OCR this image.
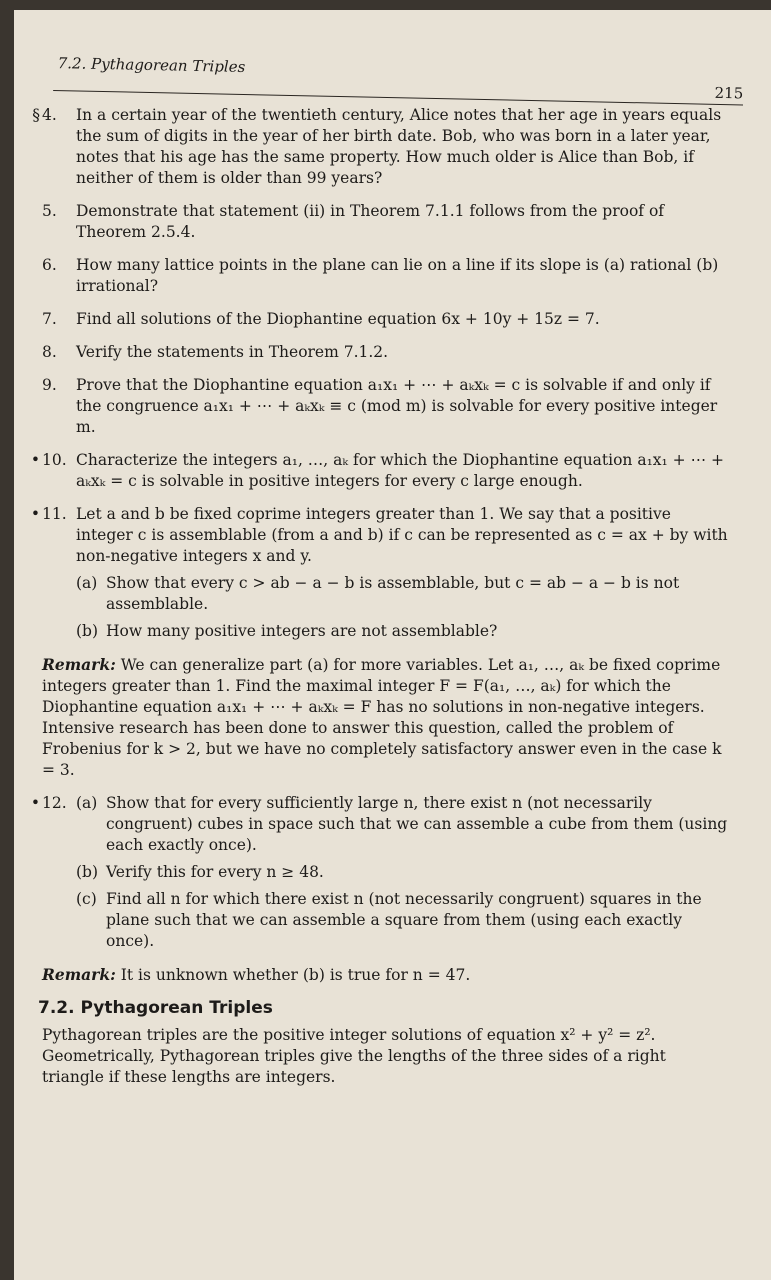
7.2. Pythagorean Triples
215
§ 4.	In a certain year of the twentieth century, Alice notes that her age in years equals the sum of digits in the year of her birth date. Bob, who was born in a later year, notes that his age has the same property. How much older is Alice than Bob, if neither of them is older than 99 years?
5.	Demonstrate that statement (ii) in Theorem 7.1.1 follows from the proof of Theorem 2.5.4.
6.	How many lattice points in the plane can lie on a line if its slope is (a) rational (b) irrational?
7.	Find all solutions of the Diophantine equation 6x + 10y + 15z = 7.
8.	Verify the statements in Theorem 7.1.2.
9.	Prove that the Diophantine equation a₁x₁ + ⋯ + aₖxₖ = c is solvable if and only if the congruence a₁x₁ + ⋯ + aₖxₖ ≡ c (mod m) is solvable for every positive integer m.
• 10. Characterize the integers a₁, …, aₖ for which the Diophantine equation a₁x₁ + ⋯ + aₖxₖ = c is solvable in positive integers for every c large enough.
• 11. Let a and b be fixed coprime integers greater than 1. We say that a positive integer c is assemblable (from a and b) if c can be represented as c = ax + by with non-negative integers x and y.
(a) Show that every c > ab − a − b is assemblable, but c = ab − a − b is not assemblable.
(b) How many positive integers are not assemblable?
Remark: We can generalize part (a) for more variables. Let a₁, …, aₖ be fixed coprime integers greater than 1. Find the maximal integer F = F(a₁, …, aₖ) for which the Diophantine equation a₁x₁ + ⋯ + aₖxₖ = F has no solutions in non-negative integers. Intensive research has been done to answer this question, called the problem of Frobenius for k > 2, but we have no completely satisfactory answer even in the case k = 3.
• 12. (a) Show that for every sufficiently large n, there exist n (not necessarily congruent) cubes in space such that we can assemble a cube from them (using each exactly once).
(b) Verify this for every n ≥ 48.
(c) Find all n for which there exist n (not necessarily congruent) squares in the plane such that we can assemble a square from them (using each exactly once).
Remark: It is unknown whether (b) is true for n = 47.
7.2. Pythagorean Triples
Pythagorean triples are the positive integer solutions of equation x² + y² = z². Geometrically, Pythagorean triples give the lengths of the three sides of a right triangle if these lengths are integers.
